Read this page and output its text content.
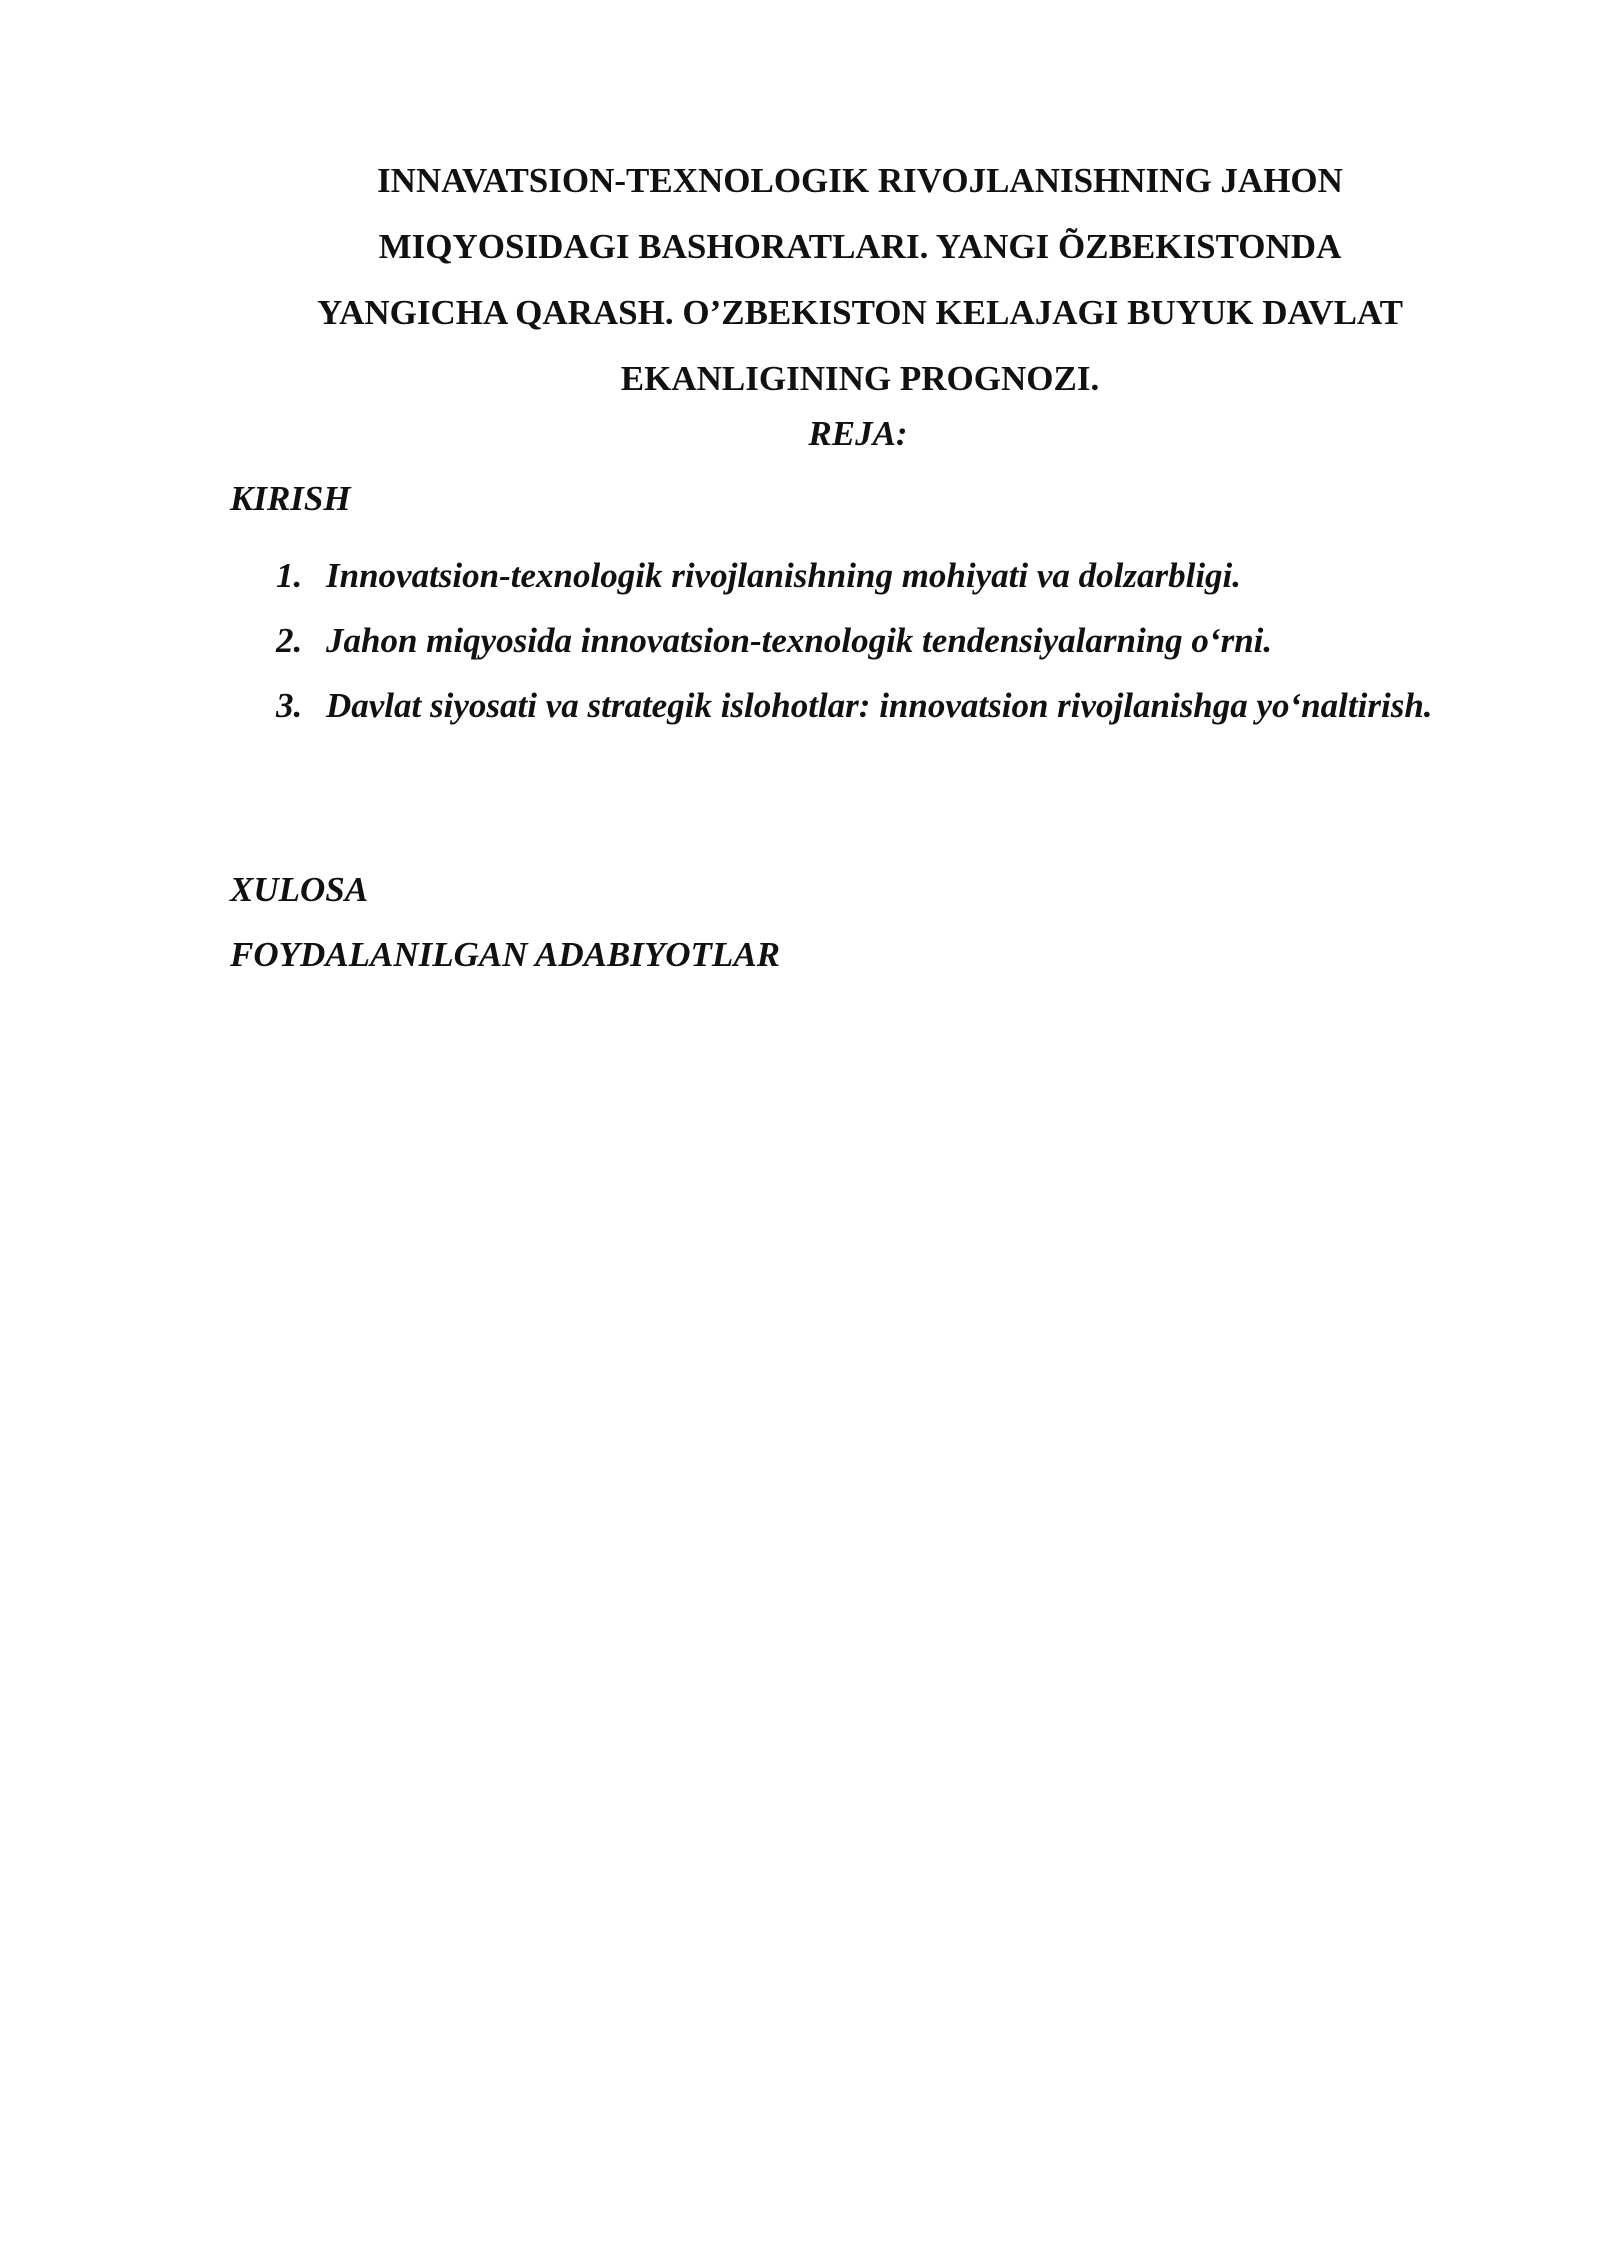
INNAVATSION-TEXNOLOGIK RIVOJLANISHNING JAHON
MIQYOSIDAGI BASHORATLARI. YANGI ÕZBEKISTONDA
YANGICHA QARASH. O’ZBEKISTON KELAJAGI BUYUK DAVLAT
EKANLIGINING PROGNOZI.

REJA:

KIRISH

1. Innovatsion-texnologik rivojlanishning mohiyati va dolzarbligi.
2. Jahon miqyosida innovatsion-texnologik tendensiyalarning o‘rni.
3. Davlat siyosati va strategik islohotlar: innovatsion rivojlanishga yo‘naltirish.

XULOSA

FOYDALANILGAN ADABIYOTLAR
